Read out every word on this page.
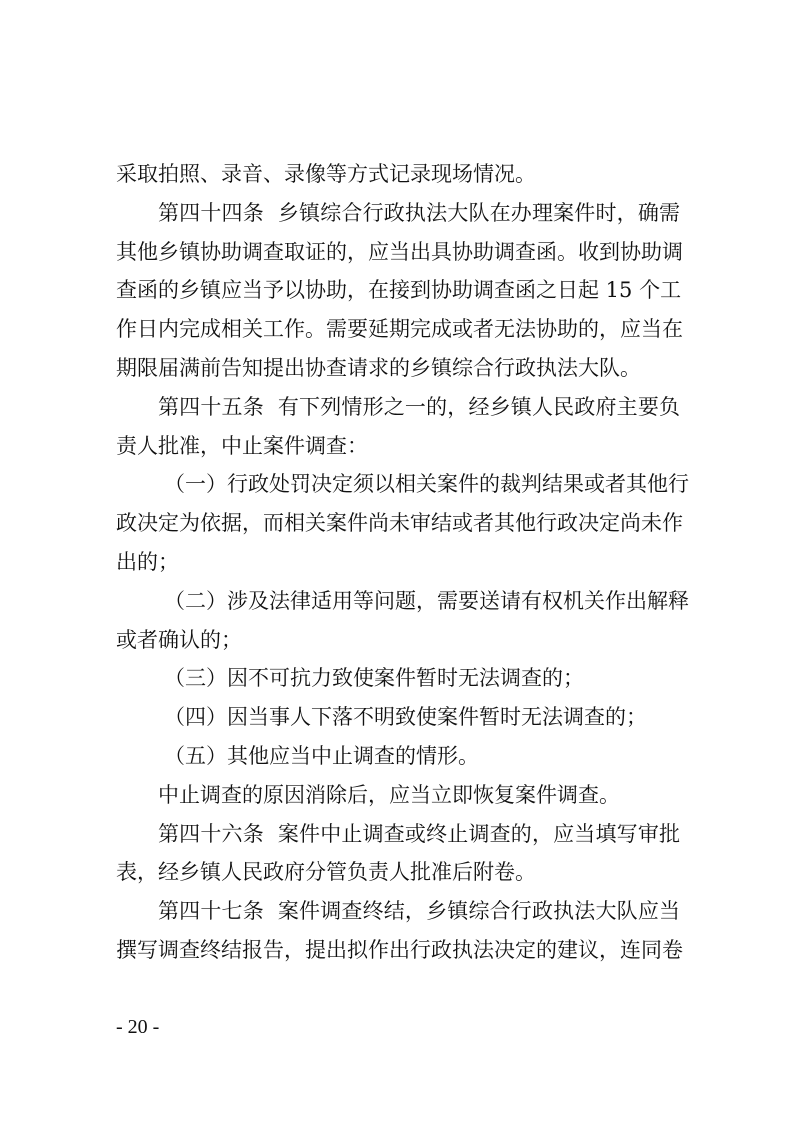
采取拍照、录音、录像等方式记录现场情况。
第四十四条 乡镇综合行政执法大队在办理案件时，确需
其他乡镇协助调查取证的，应当出具协助调查函。收到协助调
查函的乡镇应当予以协助，在接到协助调查函之日起 15 个工
作日内完成相关工作。需要延期完成或者无法协助的，应当在
期限届满前告知提出协查请求的乡镇综合行政执法大队。
第四十五条 有下列情形之一的，经乡镇人民政府主要负
责人批准，中止案件调查：
（一）行政处罚决定须以相关案件的裁判结果或者其他行
政决定为依据，而相关案件尚未审结或者其他行政决定尚未作
出的；
（二）涉及法律适用等问题，需要送请有权机关作出解释
或者确认的；
（三）因不可抗力致使案件暂时无法调查的；
（四）因当事人下落不明致使案件暂时无法调查的；
（五）其他应当中止调查的情形。
中止调查的原因消除后，应当立即恢复案件调查。
第四十六条 案件中止调查或终止调查的，应当填写审批
表，经乡镇人民政府分管负责人批准后附卷。
第四十七条 案件调查终结，乡镇综合行政执法大队应当
撰写调查终结报告，提出拟作出行政执法决定的建议，连同卷
- 20 -
